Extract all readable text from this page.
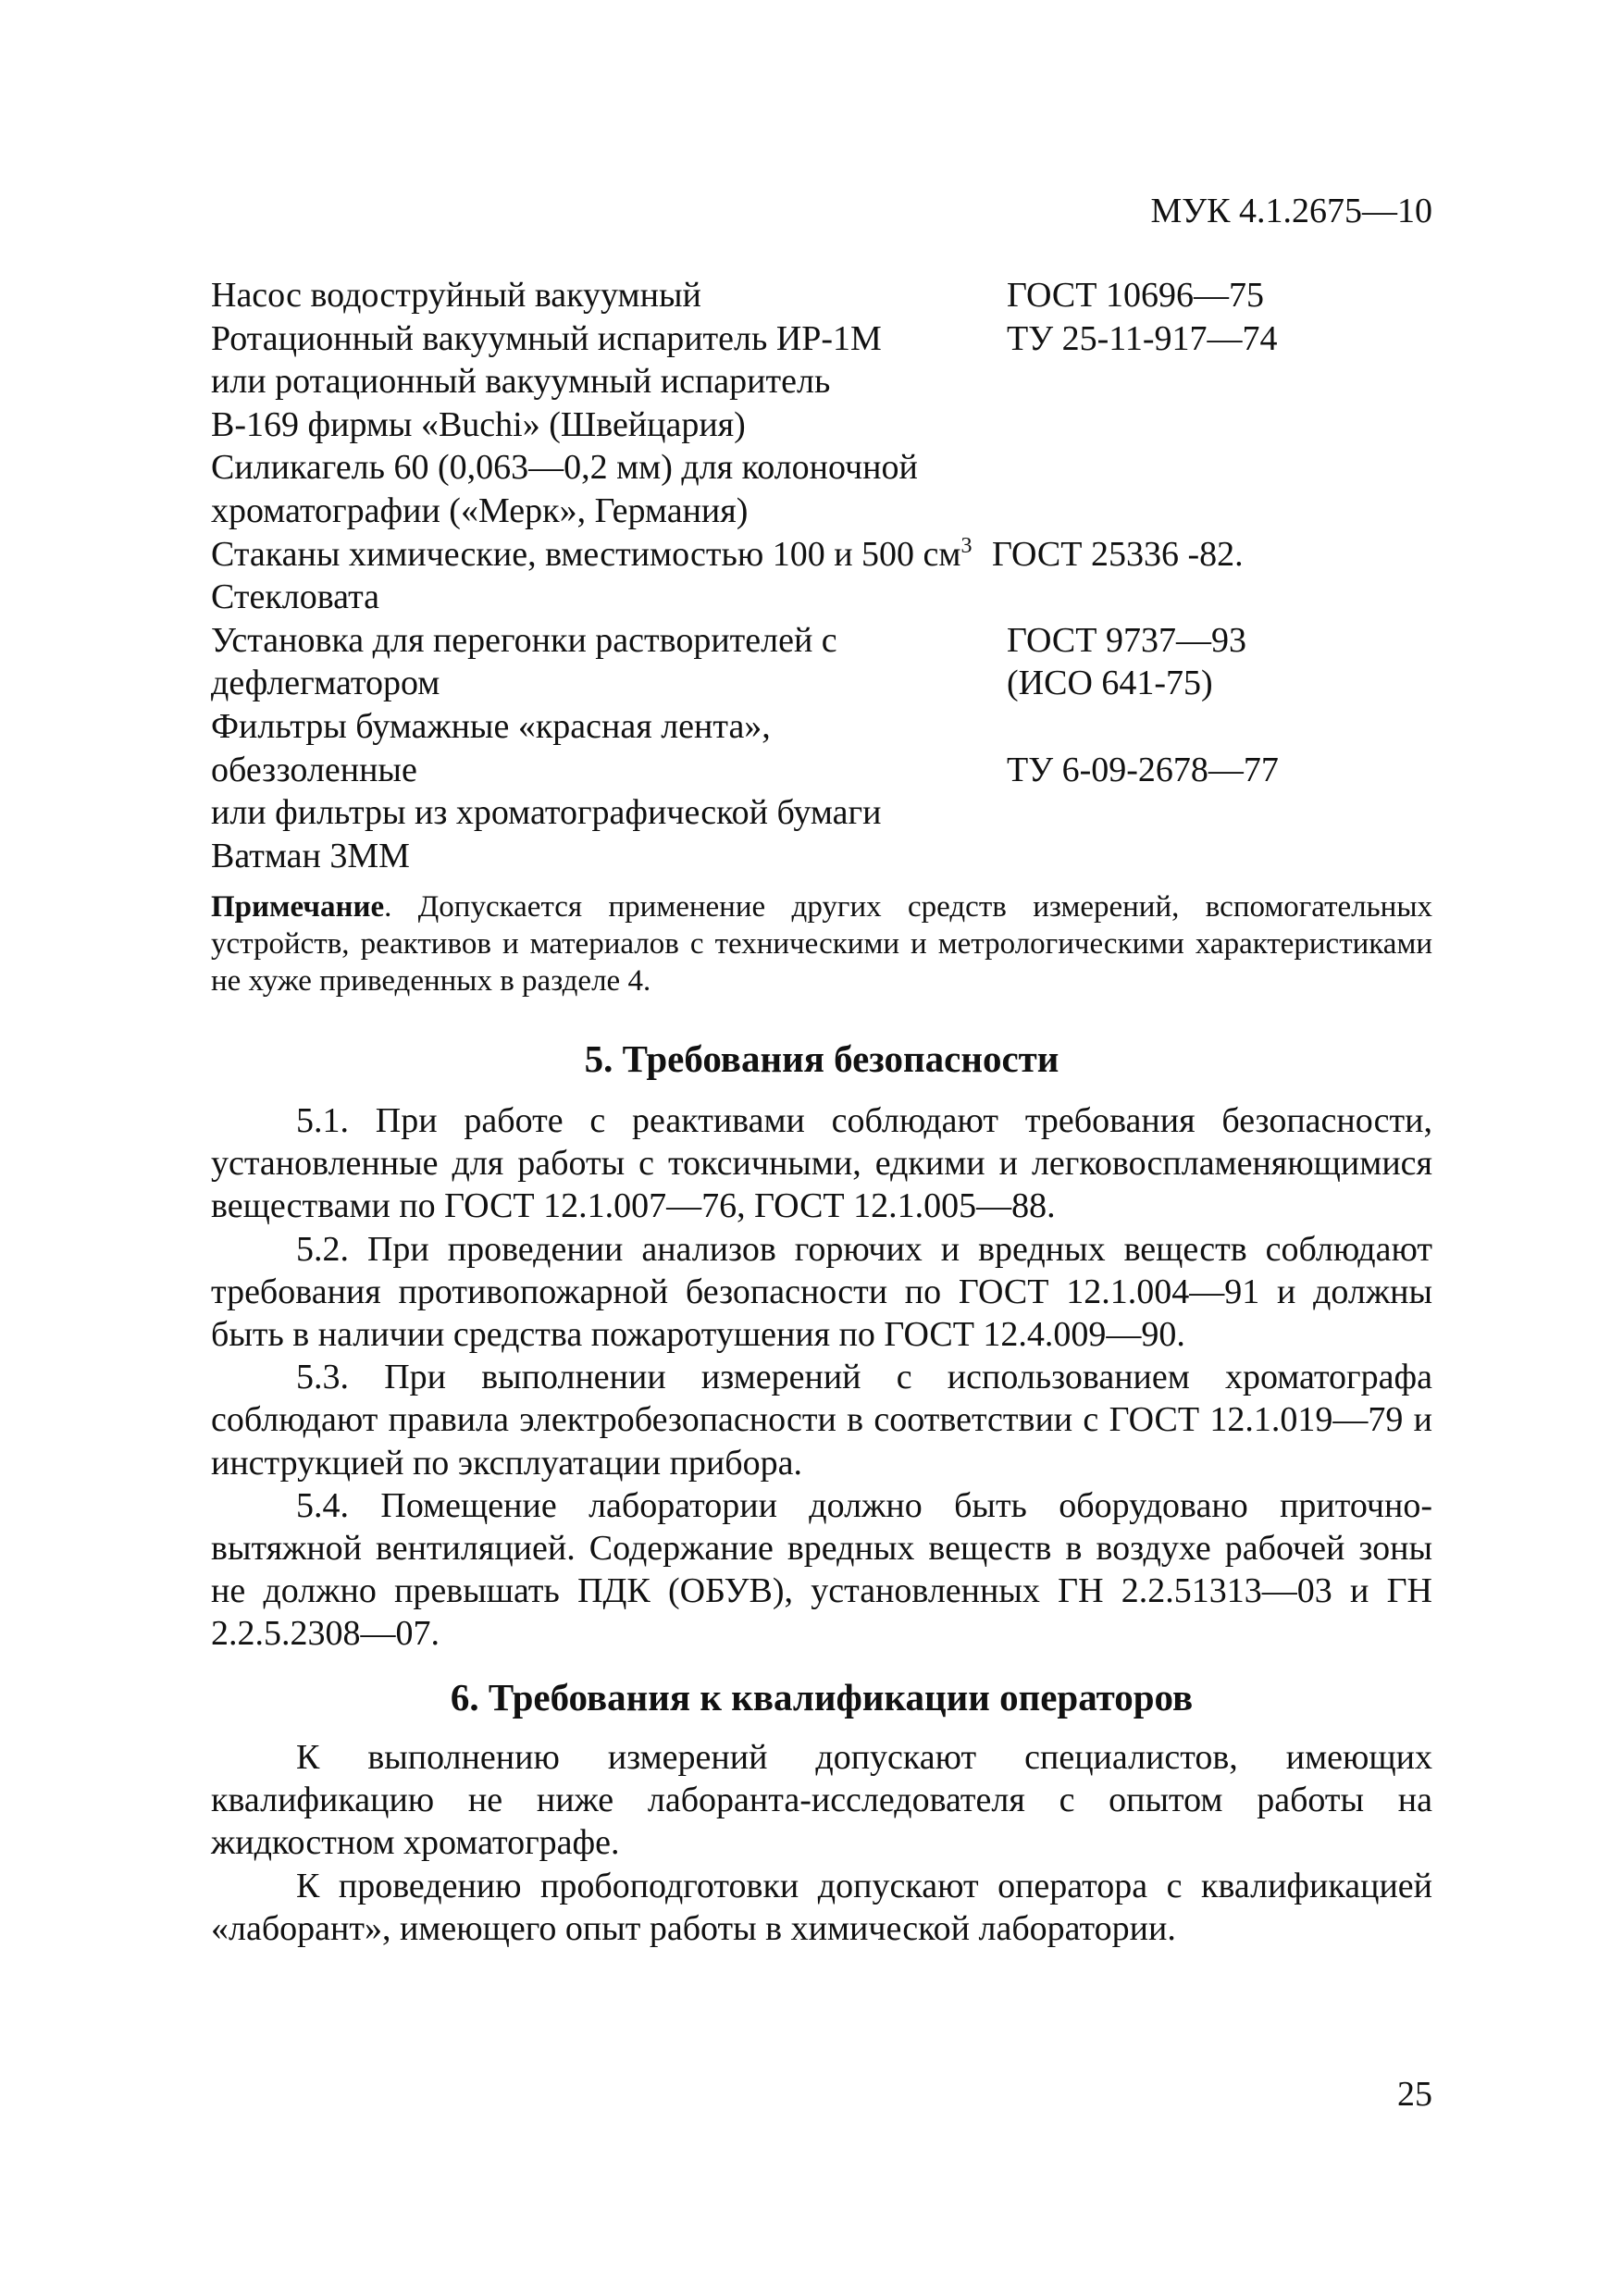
МУК 4.1.2675—10
Насос водоструйный вакуумный	ГОСТ 10696—75
Ротационный вакуумный испаритель ИР-1М
или ротационный вакуумный испаритель
В-169 фирмы «Buchi» (Швейцария)
ТУ 25-11-917—74
Силикагель 60 (0,063—0,2 мм) для колоночной
хроматографии («Мерк», Германия)
Стаканы химические, вместимостью 100 и 500 $см^3$ ГОСТ 25336 -82.
Стекловата
Установка для перегонки растворителей с
дефлегматором
ГОСТ 9737—93
(ИСО 641-75)
Фильтры бумажные «красная лента»,
обеззоленные	ТУ 6-09-2678—77
или фильтры из хроматографической бумаги
Ватман 3ММ
Примечание. Допускается применение других средств измерений, вспомогательных устройств, реактивов и материалов с техническими и метрологическими характеристиками не хуже приведенных в разделе 4.
5. Требования безопасности

5.1. При работе с реактивами соблюдают требования безопасности, установленные для работы с токсичными, едкими и легковоспламеняющимися веществами по ГОСТ 12.1.007—76, ГОСТ 12.1.005—88.

5.2. При проведении анализов горючих и вредных веществ соблюдают требования противопожарной безопасности по ГОСТ 12.1.004—91 и должны быть в наличии средства пожаротушения по ГОСТ 12.4.009—90.

5.3. При выполнении измерений с использованием хроматографа соблюдают правила электробезопасности в соответствии с ГОСТ 12.1.019—79 и инструкцией по эксплуатации прибора.

5.4. Помещение лаборатории должно быть оборудовано приточно-вытяжной вентиляцией. Содержание вредных веществ в воздухе рабочей зоны не должно превышать ПДК (ОБУВ), установленных ГН 2.2.51313—03 и ГН 2.2.5.2308—07.

6. Требования к квалификации операторов

К выполнению измерений допускают специалистов, имеющих квалификацию не ниже лаборанта-исследователя с опытом работы на жидкостном хроматографе.

К проведению пробоподготовки допускают оператора с квалификацией «лаборант», имеющего опыт работы в химической лаборатории.

25
